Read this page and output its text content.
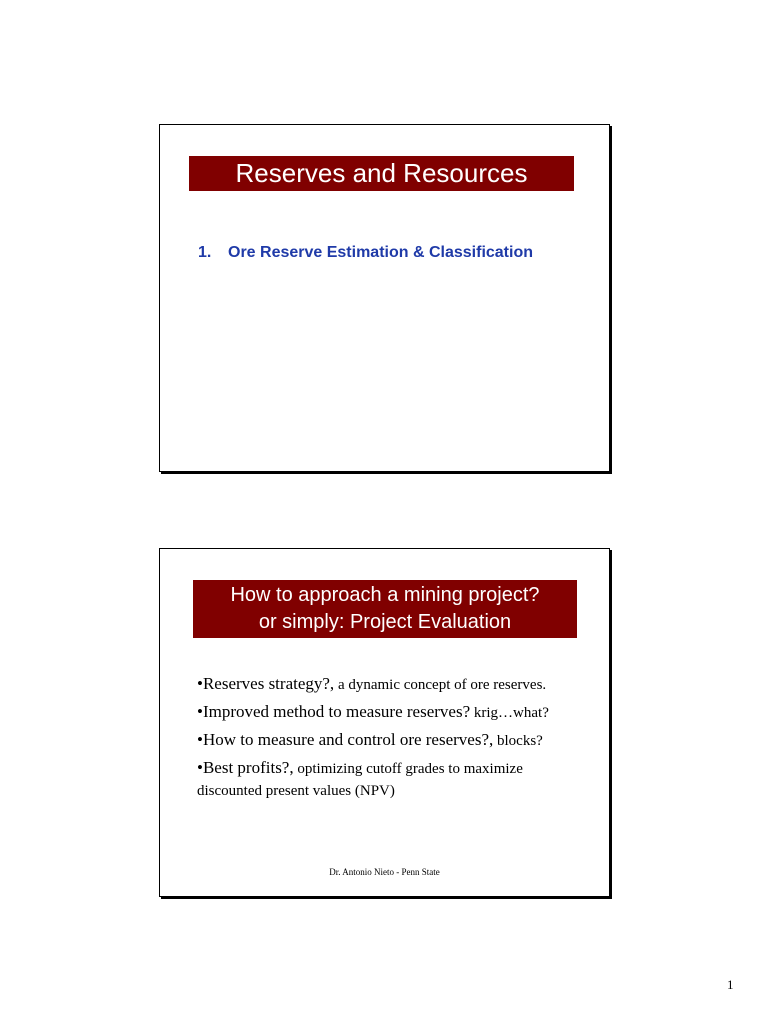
Reserves and Resources
1. Ore Reserve Estimation & Classification
How to approach a mining project?
or simply: Project Evaluation
•Reserves strategy?, a dynamic concept of ore reserves.
•Improved method to measure reserves? krig…what?
•How to measure and control ore reserves?, blocks?
•Best profits?, optimizing cutoff grades to maximize discounted present values (NPV)
Dr. Antonio Nieto - Penn State
1
